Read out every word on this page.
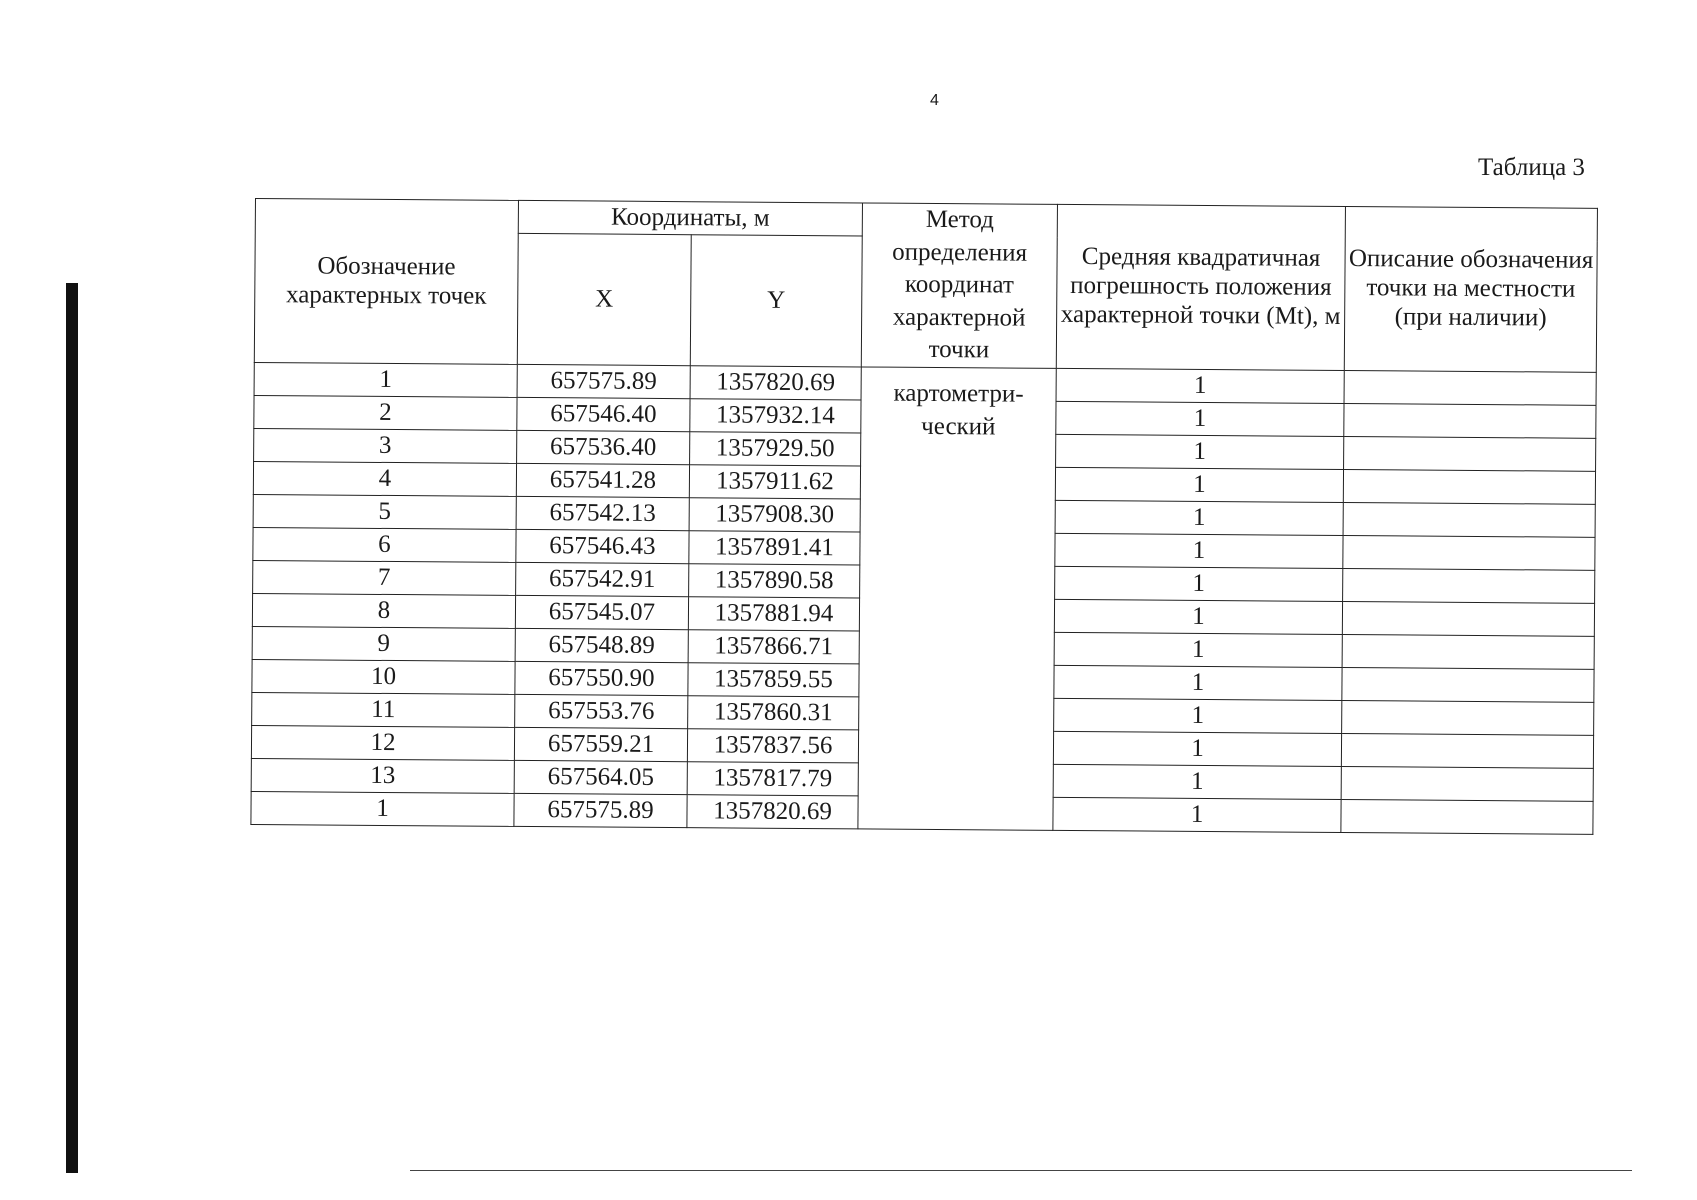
4
Таблица 3
Обозначение характерных точек	Координаты, м		Метод определения координат характерной точки	Средняя квадратичная погрешность положения характерной точки (Mt), м	Описание обозначения точки на местности (при наличии)
	X	Y			
1	657575.89	1357820.69	картометри-ческий	1	
2	657546.40	1357932.14		1	
3	657536.40	1357929.50		1	
4	657541.28	1357911.62		1	
5	657542.13	1357908.30		1	
6	657546.43	1357891.41		1	
7	657542.91	1357890.58		1	
8	657545.07	1357881.94		1	
9	657548.89	1357866.71		1	
10	657550.90	1357859.55		1	
11	657553.76	1357860.31		1	
12	657559.21	1357837.56		1	
13	657564.05	1357817.79		1	
1	657575.89	1357820.69		1	
